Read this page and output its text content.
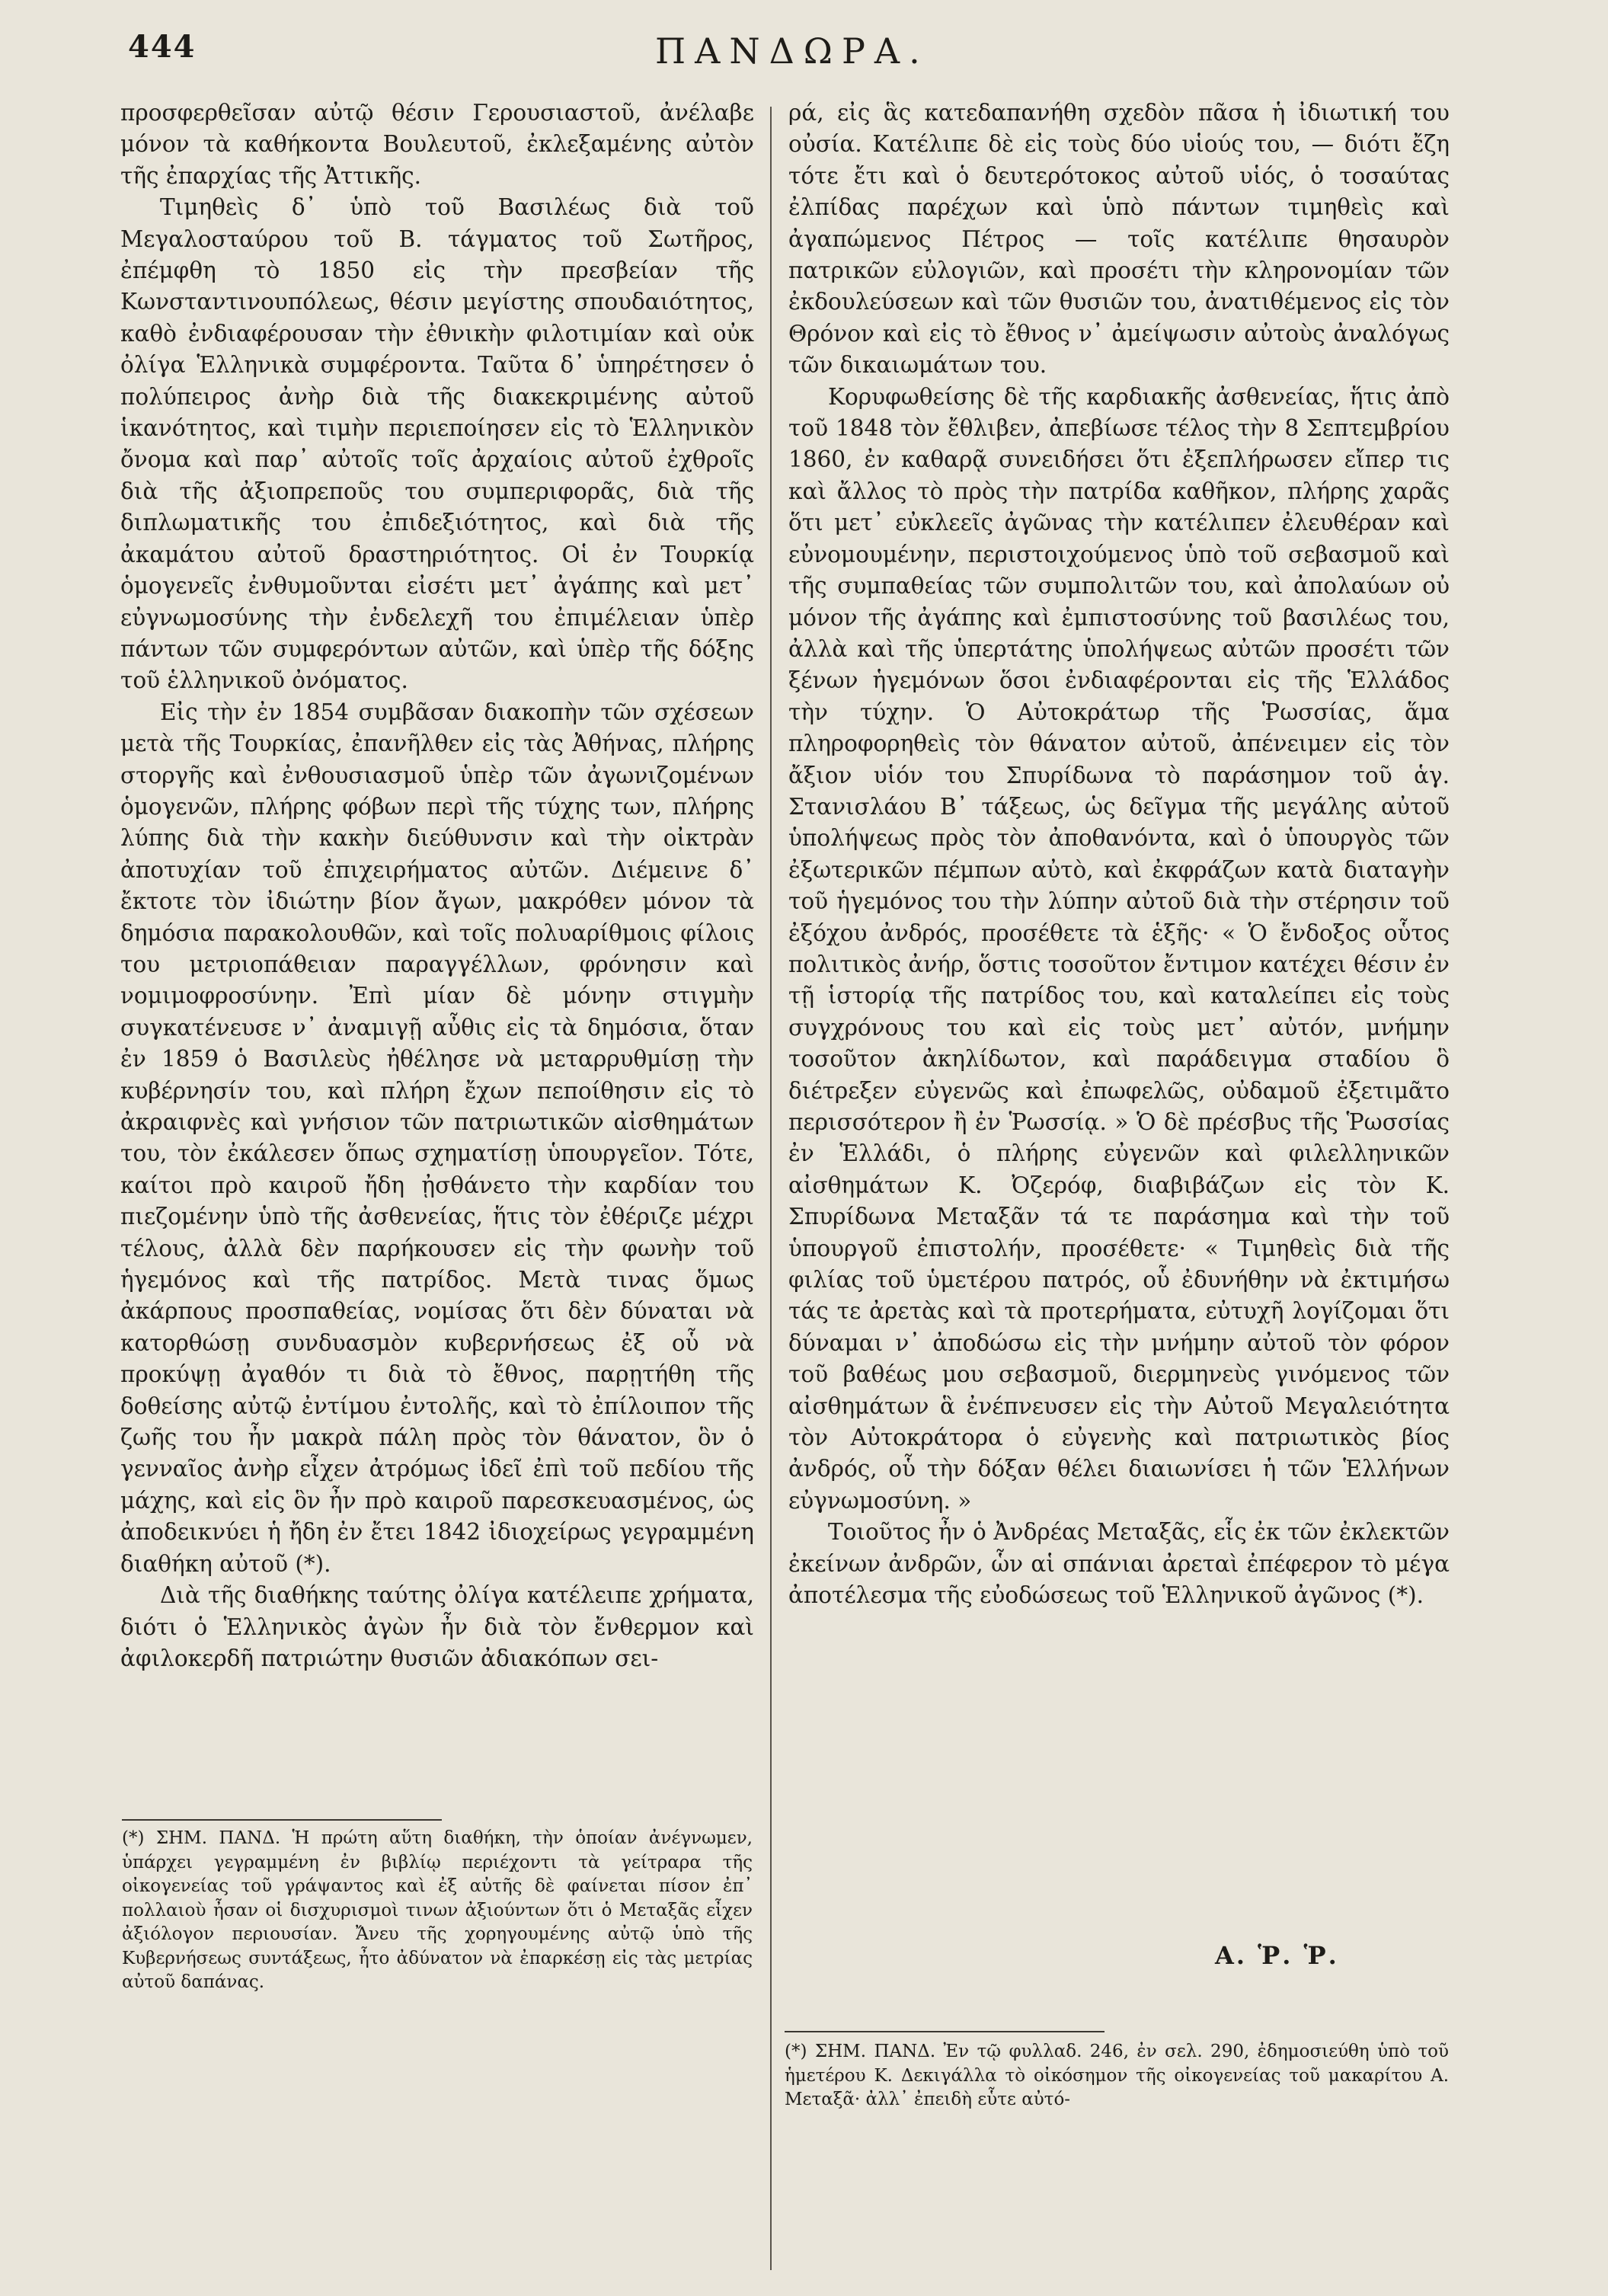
444	ΠΑΝΔΩΡΑ.

προσφερθεῖσαν αὐτῷ θέσιν Γερουσιαστοῦ, ἀνέλαβε μόνον τὰ καθήκοντα Βουλευτοῦ, ἐκλεξαμένης αὐτὸν τῆς ἐπαρχίας τῆς Ἀττικῆς.

Τιμηθεὶς δ᾽ ὑπὸ τοῦ Βασιλέως διὰ τοῦ Μεγαλοσταύρου τοῦ Β. τάγματος τοῦ Σωτῆρος, ἐπέμφθη τὸ 1850 εἰς τὴν πρεσβείαν τῆς Κωνσταντινουπόλεως, θέσιν μεγίστης σπουδαιότητος, καθὸ ἐνδιαφέρουσαν τὴν ἐθνικὴν φιλοτιμίαν καὶ οὐκ ὀλίγα Ἑλληνικὰ συμφέροντα. Ταῦτα δ᾽ ὑπηρέτησεν ὁ πολύπειρος ἀνὴρ διὰ τῆς διακεκριμένης αὐτοῦ ἱκανότητος, καὶ τιμὴν περιεποίησεν εἰς τὸ Ἑλληνικὸν ὄνομα καὶ παρ᾽ αὐτοῖς τοῖς ἀρχαίοις αὐτοῦ ἐχθροῖς διὰ τῆς ἀξιοπρεποῦς του συμπεριφορᾶς, διὰ τῆς διπλωματικῆς του ἐπιδεξιότητος, καὶ διὰ τῆς ἀκαμάτου αὐτοῦ δραστηριότητος. Οἱ ἐν Τουρκίᾳ ὁμογενεῖς ἐνθυμοῦνται εἰσέτι μετ᾽ ἀγάπης καὶ μετ᾽ εὐγνωμοσύνης τὴν ἐνδελεχῆ του ἐπιμέλειαν ὑπὲρ πάντων τῶν συμφερόντων αὐτῶν, καὶ ὑπὲρ τῆς δόξης τοῦ ἑλληνικοῦ ὀνόματος.

Εἰς τὴν ἐν 1854 συμβᾶσαν διακοπὴν τῶν σχέσεων μετὰ τῆς Τουρκίας, ἐπανῆλθεν εἰς τὰς Ἀθήνας, πλήρης στοργῆς καὶ ἐνθουσιασμοῦ ὑπὲρ τῶν ἀγωνιζομένων ὁμογενῶν, πλήρης φόβων περὶ τῆς τύχης των, πλήρης λύπης διὰ τὴν κακὴν διεύθυνσιν καὶ τὴν οἰκτρὰν ἀποτυχίαν τοῦ ἐπιχειρήματος αὐτῶν. Διέμεινε δ᾽ ἔκτοτε τὸν ἰδιώτην βίον ἄγων, μακρόθεν μόνον τὰ δημόσια παρακολουθῶν, καὶ τοῖς πολυαρίθμοις φίλοις του μετριοπάθειαν παραγγέλλων, φρόνησιν καὶ νομιμοφροσύνην. Ἐπὶ μίαν δὲ μόνην στιγμὴν συγκατένευσε ν᾽ ἀναμιγῇ αὖθις εἰς τὰ δημόσια, ὅταν ἐν 1859 ὁ Βασιλεὺς ἠθέλησε νὰ μεταρρυθμίσῃ τὴν κυβέρνησίν του, καὶ πλήρη ἔχων πεποίθησιν εἰς τὸ ἀκραιφνὲς καὶ γνήσιον τῶν πατριωτικῶν αἰσθημάτων του, τὸν ἐκάλεσεν ὅπως σχηματίσῃ ὑπουργεῖον. Τότε, καίτοι πρὸ καιροῦ ἤδη ᾐσθάνετο τὴν καρδίαν του πιεζομένην ὑπὸ τῆς ἀσθενείας, ἥτις τὸν ἐθέριζε μέχρι τέλους, ἀλλὰ δὲν παρήκουσεν εἰς τὴν φωνὴν τοῦ ἡγεμόνος καὶ τῆς πατρίδος. Μετὰ τινας ὅμως ἀκάρπους προσπαθείας, νομίσας ὅτι δὲν δύναται νὰ κατορθώσῃ συνδυασμὸν κυβερνήσεως ἐξ οὗ νὰ προκύψῃ ἀγαθόν τι διὰ τὸ ἔθνος, παρῃτήθη τῆς δοθείσης αὐτῷ ἐντίμου ἐντολῆς, καὶ τὸ ἐπίλοιπον τῆς ζωῆς του ἦν μακρὰ πάλη πρὸς τὸν θάνατον, ὃν ὁ γενναῖος ἀνὴρ εἶχεν ἀτρόμως ἰδεῖ ἐπὶ τοῦ πεδίου τῆς μάχης, καὶ εἰς ὃν ἦν πρὸ καιροῦ παρεσκευασμένος, ὡς ἀποδεικνύει ἡ ἤδη ἐν ἔτει 1842 ἰδιοχείρως γεγραμμένη διαθήκη αὐτοῦ (*).

Διὰ τῆς διαθήκης ταύτης ὀλίγα κατέλειπε χρήματα, διότι ὁ Ἑλληνικὸς ἀγὼν ἦν διὰ τὸν ἔνθερμον καὶ ἀφιλοκερδῆ πατριώτην θυσιῶν ἀδιακόπων σει-

ρά, εἰς ἃς κατεδαπανήθη σχεδὸν πᾶσα ἡ ἰδιωτική του οὐσία. Κατέλιπε δὲ εἰς τοὺς δύο υἱούς του, — διότι ἔζη τότε ἔτι καὶ ὁ δευτερότοκος αὐτοῦ υἱός, ὁ τοσαύτας ἐλπίδας παρέχων καὶ ὑπὸ πάντων τιμηθεὶς καὶ ἀγαπώμενος Πέτρος — τοῖς κατέλιπε θησαυρὸν πατρικῶν εὐλογιῶν, καὶ προσέτι τὴν κληρονομίαν τῶν ἐκδουλεύσεων καὶ τῶν θυσιῶν του, ἀνατιθέμενος εἰς τὸν Θρόνον καὶ εἰς τὸ ἔθνος ν᾽ ἀμείψωσιν αὐτοὺς ἀναλόγως τῶν δικαιωμάτων του.

Κορυφωθείσης δὲ τῆς καρδιακῆς ἀσθενείας, ἥτις ἀπὸ τοῦ 1848 τὸν ἔθλιβεν, ἀπεβίωσε τέλος τὴν 8 Σεπτεμβρίου 1860, ἐν καθαρᾷ συνειδήσει ὅτι ἐξεπλήρωσεν εἴπερ τις καὶ ἄλλος τὸ πρὸς τὴν πατρίδα καθῆκον, πλήρης χαρᾶς ὅτι μετ᾽ εὐκλεεῖς ἀγῶνας τὴν κατέλιπεν ἐλευθέραν καὶ εὐνομουμένην, περιστοιχούμενος ὑπὸ τοῦ σεβασμοῦ καὶ τῆς συμπαθείας τῶν συμπολιτῶν του, καὶ ἀπολαύων οὐ μόνον τῆς ἀγάπης καὶ ἐμπιστοσύνης τοῦ βασιλέως του, ἀλλὰ καὶ τῆς ὑπερτάτης ὑπολήψεως αὐτῶν προσέτι τῶν ξένων ἡγεμόνων ὅσοι ἐνδιαφέρονται εἰς τῆς Ἑλλάδος τὴν τύχην. Ὁ Αὐτοκράτωρ τῆς Ῥωσσίας, ἅμα πληροφορηθεὶς τὸν θάνατον αὐτοῦ, ἀπένειμεν εἰς τὸν ἄξιον υἱόν του Σπυρίδωνα τὸ παράσημον τοῦ ἁγ. Στανισλάου Β᾽ τάξεως, ὡς δεῖγμα τῆς μεγάλης αὐτοῦ ὑπολήψεως πρὸς τὸν ἀποθανόντα, καὶ ὁ ὑπουργὸς τῶν ἐξωτερικῶν πέμπων αὐτὸ, καὶ ἐκφράζων κατὰ διαταγὴν τοῦ ἡγεμόνος του τὴν λύπην αὐτοῦ διὰ τὴν στέρησιν τοῦ ἐξόχου ἀνδρός, προσέθετε τὰ ἑξῆς· « Ὁ ἔνδοξος οὗτος πολιτικὸς ἀνήρ, ὅστις τοσοῦτον ἔντιμον κατέχει θέσιν ἐν τῇ ἱστορίᾳ τῆς πατρίδος του, καὶ καταλείπει εἰς τοὺς συγχρόνους του καὶ εἰς τοὺς μετ᾽ αὐτόν, μνήμην τοσοῦτον ἀκηλίδωτον, καὶ παράδειγμα σταδίου ὃ διέτρεξεν εὐγενῶς καὶ ἐπωφελῶς, οὐδαμοῦ ἐξετιμᾶτο περισσότερον ἢ ἐν Ῥωσσίᾳ. » Ὁ δὲ πρέσβυς τῆς Ῥωσσίας ἐν Ἑλλάδι, ὁ πλήρης εὐγενῶν καὶ φιλελληνικῶν αἰσθημάτων Κ. Ὀζερόφ, διαβιβάζων εἰς τὸν Κ. Σπυρίδωνα Μεταξᾶν τά τε παράσημα καὶ τὴν τοῦ ὑπουργοῦ ἐπιστολήν, προσέθετε· « Τιμηθεὶς διὰ τῆς φιλίας τοῦ ὑμετέρου πατρός, οὗ ἐδυνήθην νὰ ἐκτιμήσω τάς τε ἀρετὰς καὶ τὰ προτερήματα, εὐτυχῆ λογίζομαι ὅτι δύναμαι ν᾽ ἀποδώσω εἰς τὴν μνήμην αὐτοῦ τὸν φόρον τοῦ βαθέως μου σεβασμοῦ, διερμηνεὺς γινόμενος τῶν αἰσθημάτων ἃ ἐνέπνευσεν εἰς τὴν Αὐτοῦ Μεγαλειότητα τὸν Αὐτοκράτορα ὁ εὐγενὴς καὶ πατριωτικὸς βίος ἀνδρός, οὗ τὴν δόξαν θέλει διαιωνίσει ἡ τῶν Ἑλλήνων εὐγνωμοσύνη. »

Τοιοῦτος ἦν ὁ Ἀνδρέας Μεταξᾶς, εἷς ἐκ τῶν ἐκλεκτῶν ἐκείνων ἀνδρῶν, ὧν αἱ σπάνιαι ἀρεταὶ ἐπέφερον τὸ μέγα ἀποτέλεσμα τῆς εὐοδώσεως τοῦ Ἑλληνικοῦ ἀγῶνος (*).

Α. Ῥ. Ῥ.
(*) ΣΗΜ. ΠΑΝΔ. Ἡ πρώτη αὕτη διαθήκη, τὴν ὁποίαν ἀνέγνωμεν, ὑπάρχει γεγραμμένη ἐν βιβλίῳ περιέχοντι τὰ γείτραρα τῆς οἰκογενείας τοῦ γράψαντος καὶ ἐξ αὐτῆς δὲ φαίνεται πίσον ἐπ᾽ πολλαιοὺ ἦσαν οἱ δισχυρισμοὶ τινων ἀξιούντων ὅτι ὁ Μεταξᾶς εἶχεν ἀξιόλογον περιουσίαν. Ἄνευ τῆς χορηγουμένης αὐτῷ ὑπὸ τῆς Κυβερνήσεως συντάξεως, ἦτο ἀδύνατον νὰ ἐπαρκέσῃ εἰς τὰς μετρίας αὐτοῦ δαπάνας.
(*) ΣΗΜ. ΠΑΝΔ. Ἐν τῷ φυλλαδ. 246, ἐν σελ. 290, ἐδημοσιεύθη ὑπὸ τοῦ ἡμετέρου Κ. Δεκιγάλλα τὸ οἰκόσημον τῆς οἰκογενείας τοῦ μακαρίτου Α. Μεταξᾶ· ἀλλ᾽ ἐπειδὴ εὗτε αὐτό-
